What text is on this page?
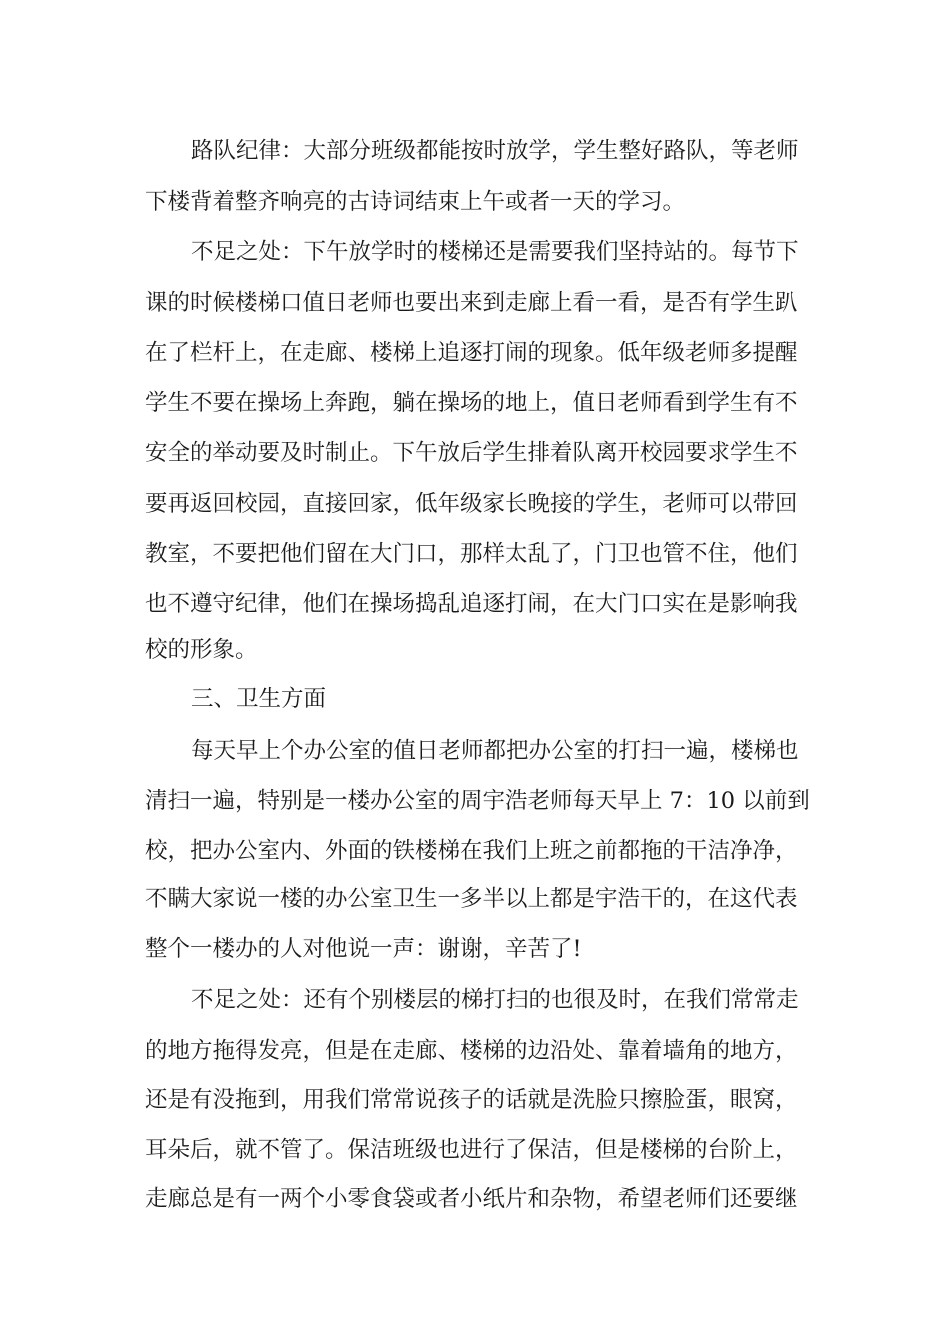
路队纪律：大部分班级都能按时放学，学生整好路队，等老师
下楼背着整齐响亮的古诗词结束上午或者一天的学习。
不足之处：下午放学时的楼梯还是需要我们坚持站的。每节下
课的时候楼梯口值日老师也要出来到走廊上看一看，是否有学生趴
在了栏杆上，在走廊、楼梯上追逐打闹的现象。低年级老师多提醒
学生不要在操场上奔跑，躺在操场的地上，值日老师看到学生有不
安全的举动要及时制止。下午放后学生排着队离开校园要求学生不
要再返回校园，直接回家，低年级家长晚接的学生，老师可以带回
教室，不要把他们留在大门口，那样太乱了，门卫也管不住，他们
也不遵守纪律，他们在操场捣乱追逐打闹，在大门口实在是影响我
校的形象。
三、卫生方面
每天早上个办公室的值日老师都把办公室的打扫一遍，楼梯也
清扫一遍，特别是一楼办公室的周宇浩老师每天早上 7：10 以前到
校，把办公室内、外面的铁楼梯在我们上班之前都拖的干洁净净，
不瞒大家说一楼的办公室卫生一多半以上都是宇浩干的，在这代表
整个一楼办的人对他说一声：谢谢，辛苦了!
不足之处：还有个别楼层的梯打扫的也很及时，在我们常常走
的地方拖得发亮，但是在走廊、楼梯的边沿处、靠着墙角的地方，
还是有没拖到，用我们常常说孩子的话就是洗脸只擦脸蛋，眼窝，
耳朵后，就不管了。保洁班级也进行了保洁，但是楼梯的台阶上，
走廊总是有一两个小零食袋或者小纸片和杂物，希望老师们还要继
